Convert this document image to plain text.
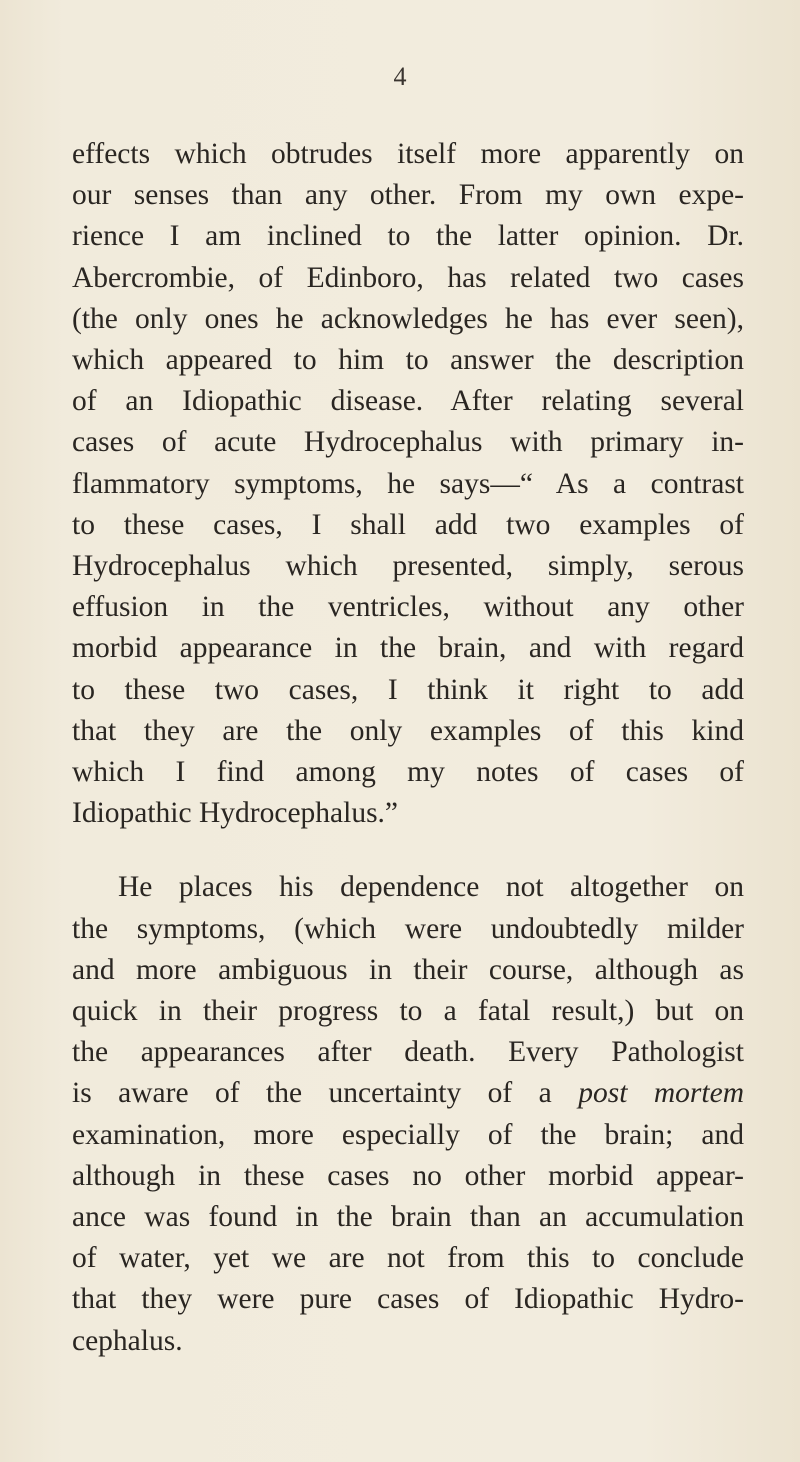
4

effects which obtrudes itself more apparently on
our senses than any other. From my own expe-
rience I am inclined to the latter opinion. Dr.
Abercrombie, of Edinboro, has related two cases
(the only ones he acknowledges he has ever seen),
which appeared to him to answer the description
of an Idiopathic disease. After relating several
cases of acute Hydrocephalus with primary in-
flammatory symptoms, he says—“ As a contrast
to these cases, I shall add two examples of
Hydrocephalus which presented, simply, serous
effusion in the ventricles, without any other
morbid appearance in the brain, and with regard
to these two cases, I think it right to add
that they are the only examples of this kind
which I find among my notes of cases of
Idiopathic Hydrocephalus.”

He places his dependence not altogether on
the symptoms, (which were undoubtedly milder
and more ambiguous in their course, although as
quick in their progress to a fatal result,) but on
the appearances after death. Every Pathologist
is aware of the uncertainty of a post mortem
examination, more especially of the brain; and
although in these cases no other morbid appear-
ance was found in the brain than an accumulation
of water, yet we are not from this to conclude
that they were pure cases of Idiopathic Hydro-
cephalus.
